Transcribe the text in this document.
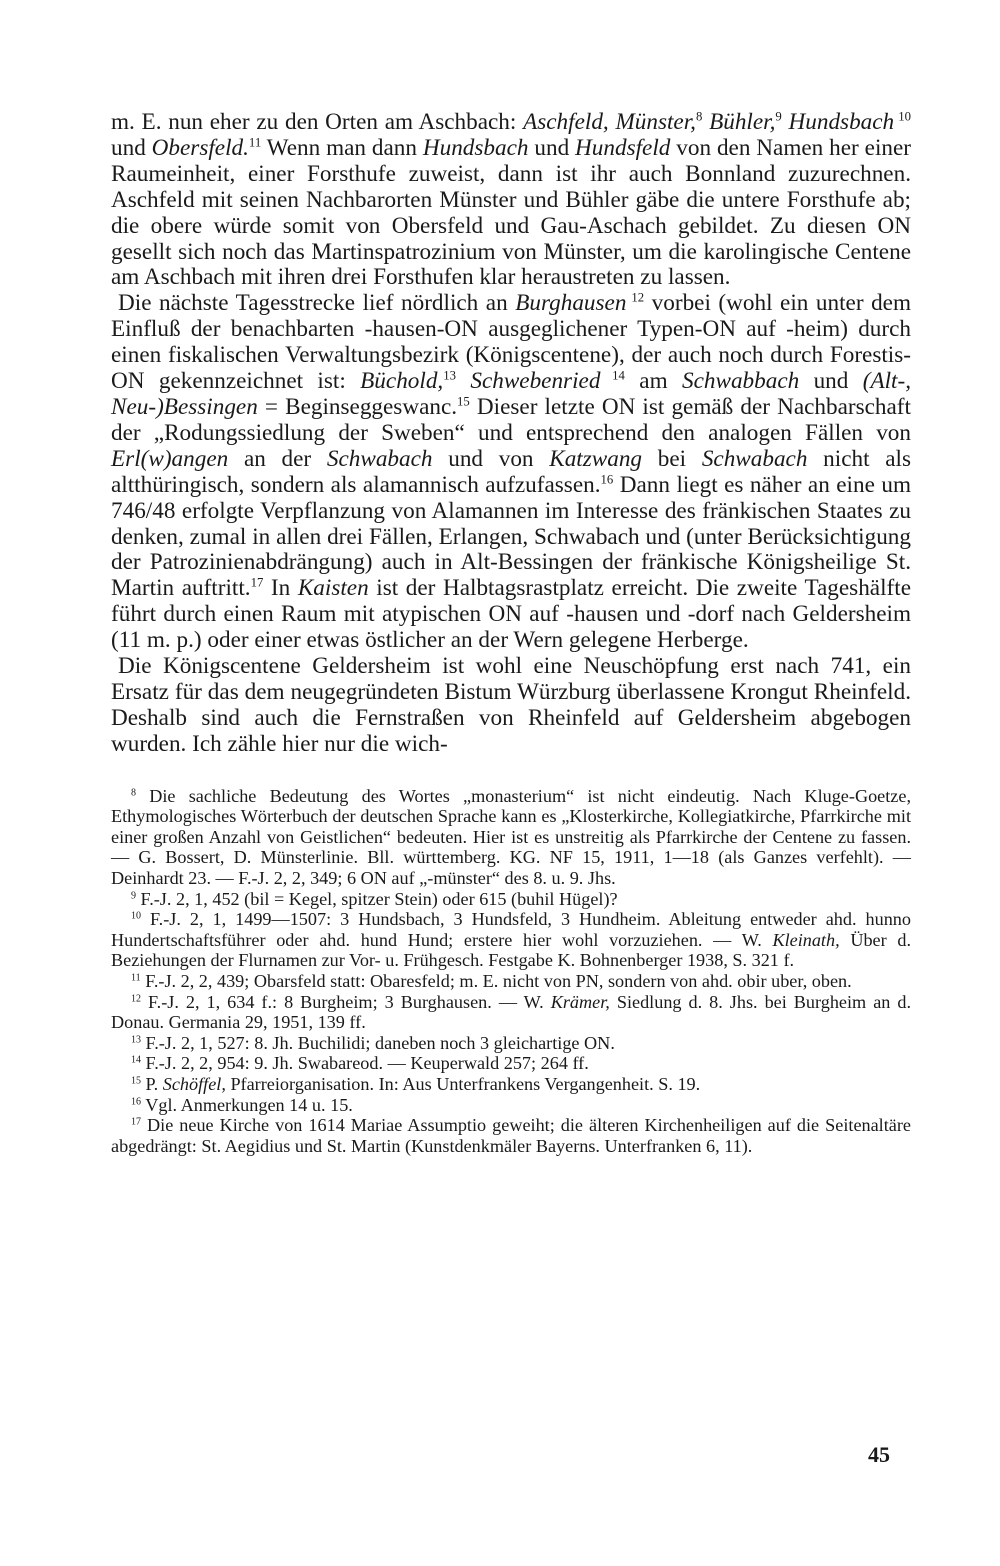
m. E. nun eher zu den Orten am Aschbach: Aschfeld, Münster,$^8$ Bühler,$^9$ Hundsbach $^{10}$ und Obersfeld.$^{11}$ Wenn man dann Hundsbach und Hundsfeld von den Namen her einer Raumeinheit, einer Forsthufe zuweist, dann ist ihr auch Bonnland zuzurechnen. Aschfeld mit seinen Nachbarorten Münster und Bühler gäbe die untere Forsthufe ab; die obere würde somit von Obersfeld und Gau-Aschach gebildet. Zu diesen ON gesellt sich noch das Martinspatrozinium von Münster, um die karolingische Centene am Aschbach mit ihren drei Forsthufen klar heraustreten zu lassen.

Die nächste Tagesstrecke lief nördlich an Burghausen $^{12}$ vorbei (wohl ein unter dem Einfluß der benachbarten -hausen-ON ausgeglichener Typen-ON auf -heim) durch einen fiskalischen Verwaltungsbezirk (Königscentene), der auch noch durch Forestis-ON gekennzeichnet ist: Büchold,$^{13}$ Schwebenried $^{14}$ am Schwabbach und (Alt-, Neu-)Bessingen = Beginseggeswanc.$^{15}$ Dieser letzte ON ist gemäß der Nachbarschaft der „Rodungssiedlung der Sweben“ und entsprechend den analogen Fällen von Erl(w)angen an der Schwabach und von Katzwang bei Schwabach nicht als altthüringisch, sondern als alamannisch aufzufassen.$^{16}$ Dann liegt es näher an eine um 746/48 erfolgte Verpflanzung von Alamannen im Interesse des fränkischen Staates zu denken, zumal in allen drei Fällen, Erlangen, Schwabach und (unter Berücksichtigung der Patrozinienabdrängung) auch in Alt-Bessingen der fränkische Königsheilige St. Martin auftritt.$^{17}$ In Kaisten ist der Halbtagsrastplatz erreicht. Die zweite Tageshälfte führt durch einen Raum mit atypischen ON auf -hausen und -dorf nach Geldersheim (11 m. p.) oder einer etwas östlicher an der Wern gelegene Herberge.

Die Königscentene Geldersheim ist wohl eine Neuschöpfung erst nach 741, ein Ersatz für das dem neugegründeten Bistum Würzburg überlassene Krongut Rheinfeld. Deshalb sind auch die Fernstraßen von Rheinfeld auf Geldersheim abgebogen wurden. Ich zähle hier nur die wich-

$^8$ Die sachliche Bedeutung des Wortes „monasterium“ ist nicht eindeutig. Nach Kluge-Goetze, Ethymologisches Wörterbuch der deutschen Sprache kann es „Klosterkirche, Kollegiatkirche, Pfarrkirche mit einer großen Anzahl von Geistlichen“ bedeuten. Hier ist es unstreitig als Pfarrkirche der Centene zu fassen. — G. Bossert, D. Münsterlinie. Bll. württemberg. KG. NF 15, 1911, 1—18 (als Ganzes verfehlt). — Deinhardt 23. — F.-J. 2, 2, 349; 6 ON auf „-münster“ des 8. u. 9. Jhs.

$^9$ F.-J. 2, 1, 452 (bil = Kegel, spitzer Stein) oder 615 (buhil Hügel)?

$^{10}$ F.-J. 2, 1, 1499—1507: 3 Hundsbach, 3 Hundsfeld, 3 Hundheim. Ableitung entweder ahd. hunno Hundertschaftsführer oder ahd. hund Hund; erstere hier wohl vorzuziehen. — W. Kleinath, Über d. Beziehungen der Flurnamen zur Vor- u. Frühgesch. Festgabe K. Bohnenberger 1938, S. 321 f.

$^{11}$ F.-J. 2, 2, 439; Obarsfeld statt: Obaresfeld; m. E. nicht von PN, sondern von ahd. obir uber, oben.

$^{12}$ F.-J. 2, 1, 634 f.: 8 Burgheim; 3 Burghausen. — W. Krämer, Siedlung d. 8. Jhs. bei Burgheim an d. Donau. Germania 29, 1951, 139 ff.

$^{13}$ F.-J. 2, 1, 527: 8. Jh. Buchilidi; daneben noch 3 gleichartige ON.

$^{14}$ F.-J. 2, 2, 954: 9. Jh. Swabareod. — Keuperwald 257; 264 ff.

$^{15}$ P. Schöffel, Pfarreiorganisation. In: Aus Unterfrankens Vergangenheit. S. 19.

$^{16}$ Vgl. Anmerkungen 14 u. 15.

$^{17}$ Die neue Kirche von 1614 Mariae Assumptio geweiht; die älteren Kirchenheiligen auf die Seitenaltäre abgedrängt: St. Aegidius und St. Martin (Kunstdenkmäler Bayerns. Unterfranken 6, 11).

45
